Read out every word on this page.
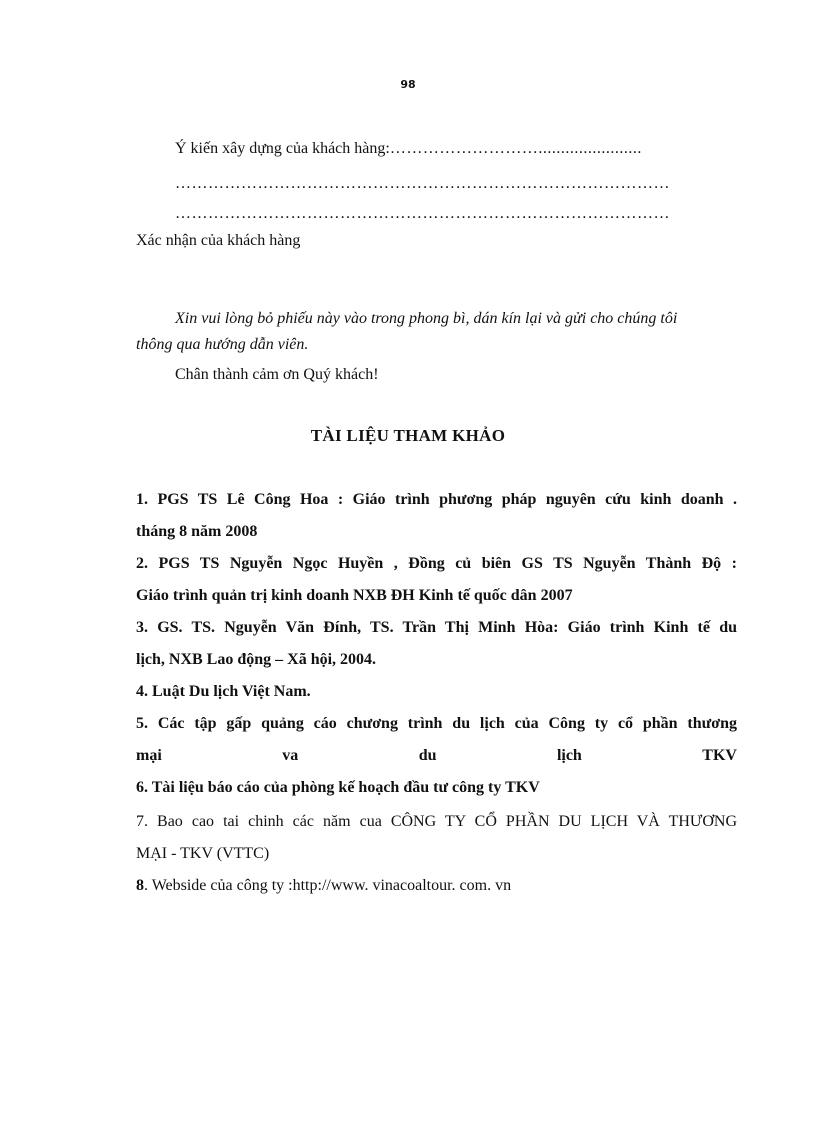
98
Ý kiến xây dựng của khách hàng:……………………….......................
………………………………………………………………………………
………………………………………………………………………………
Xác nhận của khách hàng
Xin vui lòng bỏ phiếu này vào trong phong bì, dán kín lại và gửi cho chúng tôi
thông qua hướng dẫn viên.
Chân thành cảm ơn Quý khách!
TÀI LIỆU THAM KHẢO
1. PGS TS Lê Công Hoa : Giáo trình phương pháp nguyên cứu kinh doanh .
tháng 8 năm 2008
2. PGS TS Nguyễn Ngọc Huyền , Đồng củ biên GS TS Nguyễn Thành Độ :
Giáo trình quản trị kinh doanh NXB ĐH Kinh tế quốc dân 2007
3. GS. TS. Nguyễn Văn Đính, TS. Trần Thị Minh Hòa: Giáo trình Kinh tế du
lịch, NXB Lao động – Xã hội, 2004.
4. Luật Du lịch Việt Nam.
5. Các tập gấp quảng cáo chương trình du lịch của Công ty cổ phần thương
mại	va	du	lịch	TKV
6. Tài liệu báo cáo của phòng kế hoạch đầu tư công ty TKV
7. Bao cao tai chinh các năm cua CÔNG TY CỔ PHẦN DU LỊCH VÀ THƯƠNG
MẠI - TKV (VTTC)
8. Webside của công ty :http://www. vinacoaltour. com. vn
